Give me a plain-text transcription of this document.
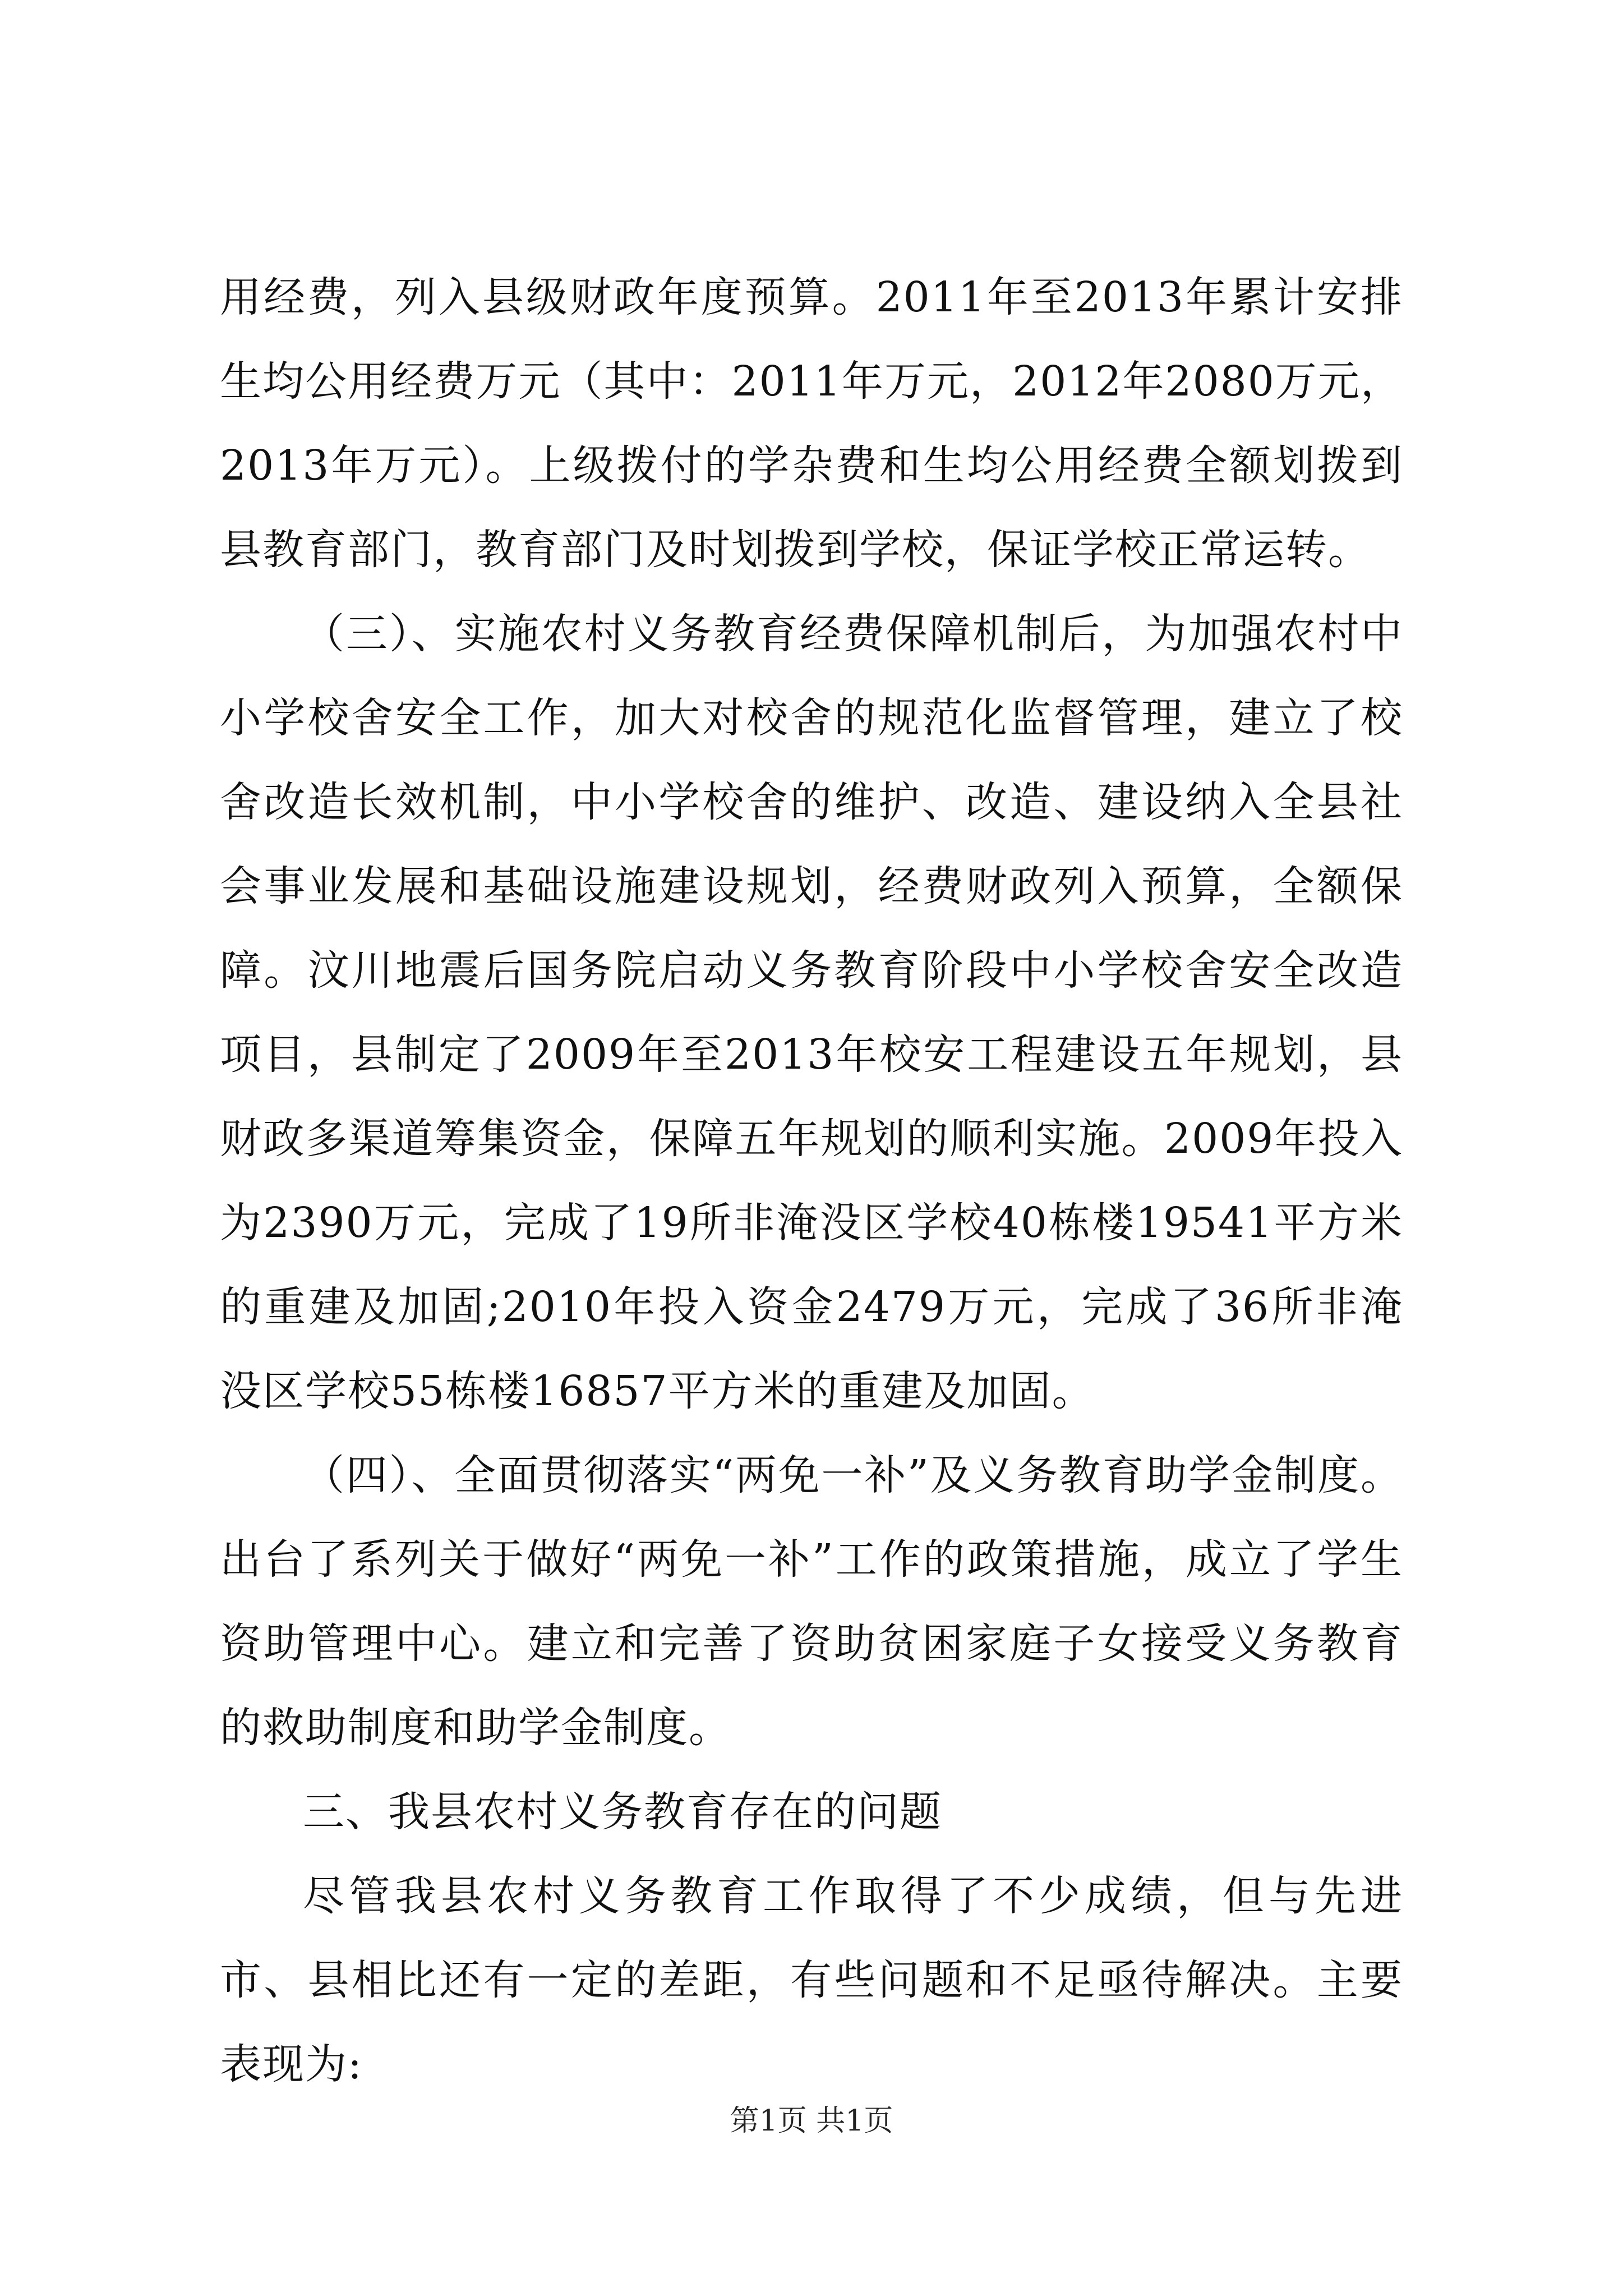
用经费，列入县级财政年度预算。2011年至2013年累计安排生均公用经费万元（其中：2011年万元，2012年2080万元，2013年万元）。上级拨付的学杂费和生均公用经费全额划拨到县教育部门，教育部门及时划拨到学校，保证学校正常运转。

（三）、实施农村义务教育经费保障机制后，为加强农村中小学校舍安全工作，加大对校舍的规范化监督管理，建立了校舍改造长效机制，中小学校舍的维护、改造、建设纳入全县社会事业发展和基础设施建设规划，经费财政列入预算，全额保障。汶川地震后国务院启动义务教育阶段中小学校舍安全改造项目，县制定了2009年至2013年校安工程建设五年规划，县财政多渠道筹集资金，保障五年规划的顺利实施。2009年投入为2390万元，完成了19所非淹没区学校40栋楼19541平方米的重建及加固;2010年投入资金2479万元，完成了36所非淹没区学校55栋楼16857平方米的重建及加固。

（四）、全面贯彻落实“两免一补”及义务教育助学金制度。出台了系列关于做好“两免一补”工作的政策措施，成立了学生资助管理中心。建立和完善了资助贫困家庭子女接受义务教育的救助制度和助学金制度。

三、我县农村义务教育存在的问题

尽管我县农村义务教育工作取得了不少成绩，但与先进市、县相比还有一定的差距，有些问题和不足亟待解决。主要表现为:

第1页 共1页
